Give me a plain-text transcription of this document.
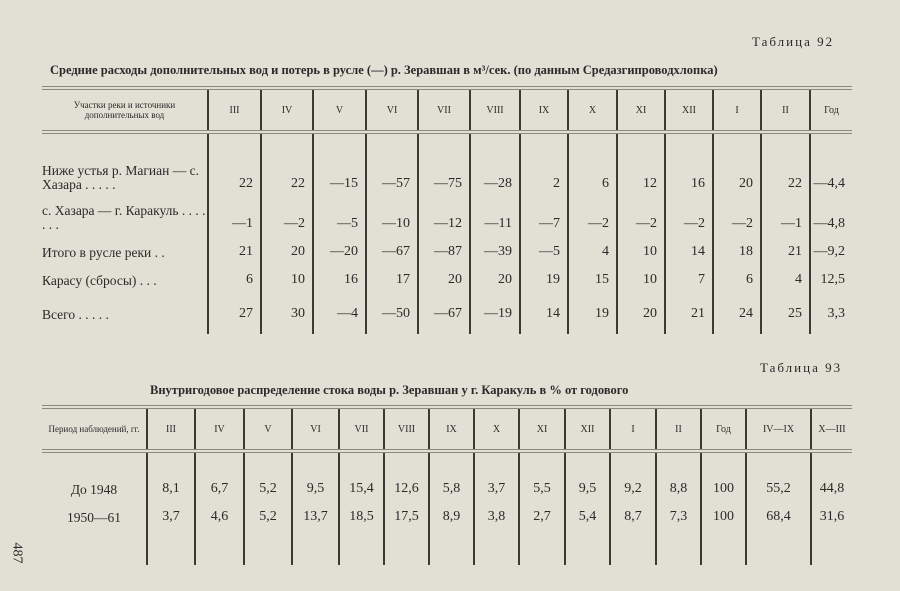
Таблица 92
Средние расходы дополнительных вод и потерь в русле (—) р. Зеравшан в м³/сек. (по данным Средазгипроводхлопка)
Участки реки и источники дополнительных вод	III	IV	V	VI	VII	VIII	IX	X	XI	XII	I	II	Год
Ниже устья р. Магиан — с. Хазара . . . . .	22	22	—15	—57	—75	—28	2	6	12	16	20	22	—4,4
с. Хазара — г. Каракуль . . . . . . .	—1	—2	—5	—10	—12	—11	—7	—2	—2	—2	—2	—1	—4,8
Итого в русле реки . .	21	20	—20	—67	—87	—39	—5	4	10	14	18	21	—9,2
Карасу (сбросы) . . .	6	10	16	17	20	20	19	15	10	7	6	4	12,5
Всего . . . . .	27	30	—4	—50	—67	—19	14	19	20	21	24	25	3,3

Таблица 93
Внутригодовое распределение стока воды р. Зеравшан у г. Каракуль в % от годового
Период наблюдений, гг.	III	IV	V	VI	VII	VIII	IX	X	XI	XII	I	II	Год	IV—IX	X—III
До 1948	8,1	6,7	5,2	9,5	15,4	12,6	5,8	3,7	5,5	9,5	9,2	8,8	100	55,2	44,8
1950—61	3,7	4,6	5,2	13,7	18,5	17,5	8,9	3,8	2,7	5,4	8,7	7,3	100	68,4	31,6

487
